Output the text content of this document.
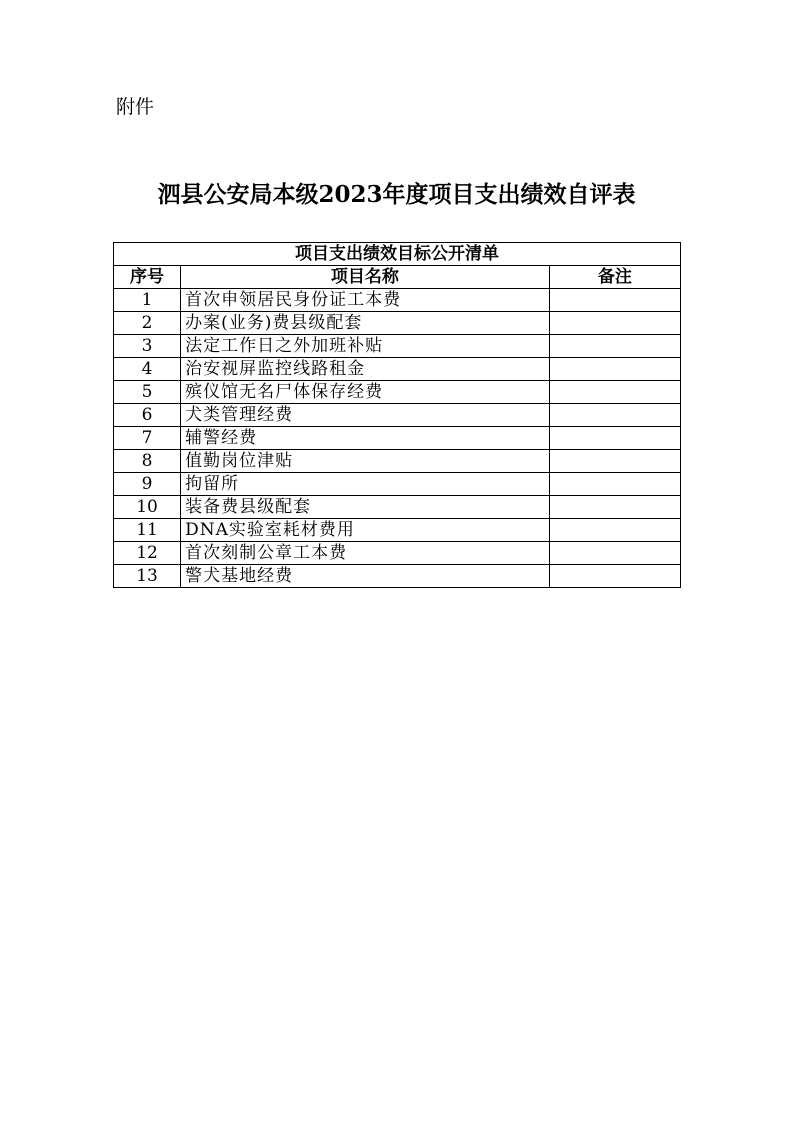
附件
泗县公安局本级2023年度项目支出绩效自评表
项目支出绩效目标公开清单		
序号	项目名称	备注
1	首次申领居民身份证工本费	
2	办案(业务)费县级配套	
3	法定工作日之外加班补贴	
4	治安视屏监控线路租金	
5	殡仪馆无名尸体保存经费	
6	犬类管理经费	
7	辅警经费	
8	值勤岗位津贴	
9	拘留所	
10	装备费县级配套	
11	DNA实验室耗材费用	
12	首次刻制公章工本费	
13	警犬基地经费	
